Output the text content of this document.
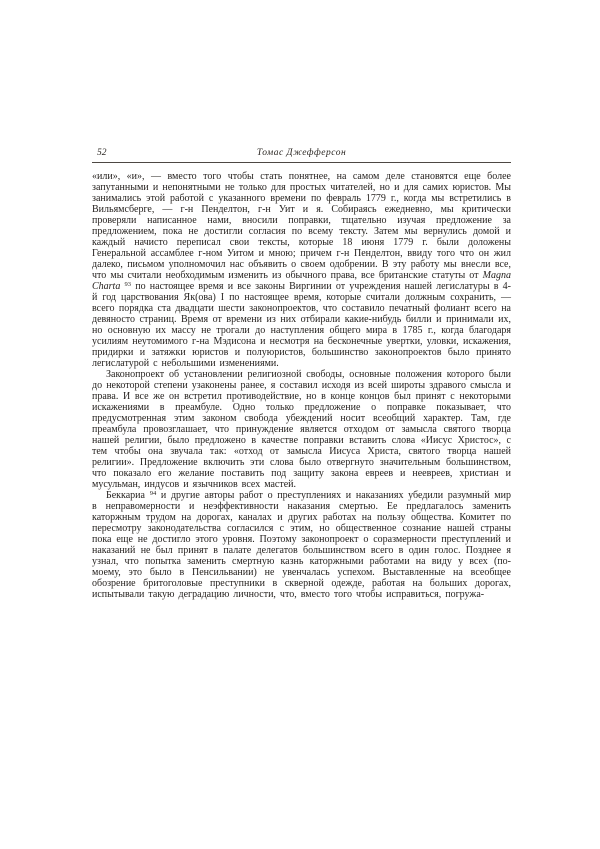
52	Томас Джефферсон

«или», «и», — вместо того чтобы стать понятнее, на самом деле становятся еще более запутанными и непонятными не только для простых читателей, но и для самих юристов. Мы занимались этой работой с указанного времени по февраль 1779 г., когда мы встретились в Вильямсберге, — г-н Пенделтон, г-н Уит и я. Собираясь ежедневно, мы критически проверяли написанное нами, вносили поправки, тщательно изучая предложение за предложением, пока не достигли согласия по всему тексту. Затем мы вернулись домой и каждый начисто переписал свои тексты, которые 18 июня 1779 г. были доложены Генеральной ассамблее г-ном Уитом и мною; причем г-н Пенделтон, ввиду того что он жил далеко, письмом уполномочил нас объявить о своем одобрении. В эту работу мы внесли все, что мы считали необходимым изменить из обычного права, все британские статуты от Magna Charta $^{93}$ по настоящее время и все законы Виргинии от учреждения нашей легислатуры в 4-й год царствования Як(ова) I по настоящее время, которые считали должным сохранить, — всего порядка ста двадцати шести законопроектов, что составило печатный фолиант всего на девяносто страниц. Время от времени из них отбирали какие-нибудь билли и принимали их, но основную их массу не трогали до наступления общего мира в 1785 г., когда благодаря усилиям неутомимого г-на Мэдисона и несмотря на бесконечные увертки, уловки, искажения, придирки и затяжки юристов и полуюристов, большинство законопроектов было принято легислатурой с небольшими изменениями.

Законопроект об установлении религиозной свободы, основные положения которого были до некоторой степени узаконены ранее, я составил исходя из всей широты здравого смысла и права. И все же он встретил противодействие, но в конце концов был принят с некоторыми искажениями в преамбуле. Одно только предложение о поправке показывает, что предусмотренная этим законом свобода убеждений носит всеобщий характер. Там, где преамбула провозглашает, что принуждение является отходом от замысла святого творца нашей религии, было предложено в качестве поправки вставить слова «Иисус Христос», с тем чтобы она звучала так: «отход от замысла Иисуса Христа, святого творца нашей религии». Предложение включить эти слова было отвергнуто значительным большинством, что показало его желание поставить под защиту закона евреев и неевреев, христиан и мусульман, индусов и язычников всех мастей.

Беккариа $^{94}$ и другие авторы работ о преступлениях и наказаниях убедили разумный мир в неправомерности и неэффективности наказания смертью. Ее предлагалось заменить каторжным трудом на дорогах, каналах и других работах на пользу общества. Комитет по пересмотру законодательства согласился с этим, но общественное сознание нашей страны пока еще не достигло этого уровня. Поэтому законопроект о соразмерности преступлений и наказаний не был принят в палате делегатов большинством всего в один голос. Позднее я узнал, что попытка заменить смертную казнь каторжными работами на виду у всех (по-моему, это было в Пенсильвании) не увенчалась успехом. Выставленные на всеобщее обозрение бритоголовые преступники в скверной одежде, работая на больших дорогах, испытывали такую деградацию личности, что, вместо того чтобы исправиться, погружа-
